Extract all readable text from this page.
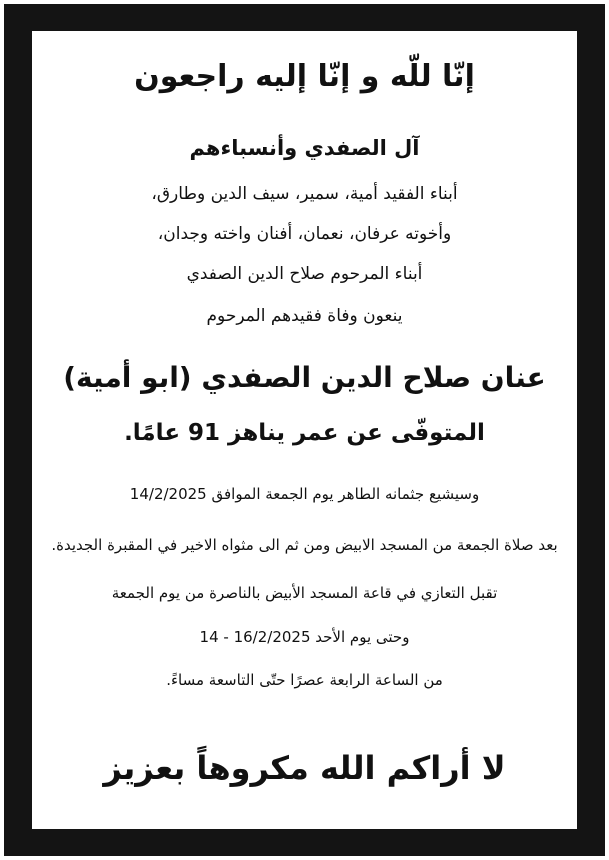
إنّا للّه و إنّا إليه راجعون
آل الصفدي وأنسباءهم
أبناء الفقيد أمية، سمير، سيف الدين وطارق،
وأخوته عرفان، نعمان، أفنان واخته وجدان،
أبناء المرحوم صلاح الدين الصفدي
ينعون وفاة فقيدهم المرحوم
عنان صلاح الدين الصفدي (ابو أمية)
المتوفّى عن عمر يناهز 91 عامًا.
وسيشيع جثمانه الطاهر يوم الجمعة الموافق 14/2/2025
بعد صلاة الجمعة من المسجد الابيض ومن ثم الى مثواه الاخير في المقبرة الجديدة.
تقبل التعازي في قاعة المسجد الأبيض بالناصرة من يوم الجمعة
وحتى يوم الأحد 16/2/2025 - 14
من الساعة الرابعة عصرًا حتّى التاسعة مساءً.
لا أراكم الله مكروهاً بعزيز
